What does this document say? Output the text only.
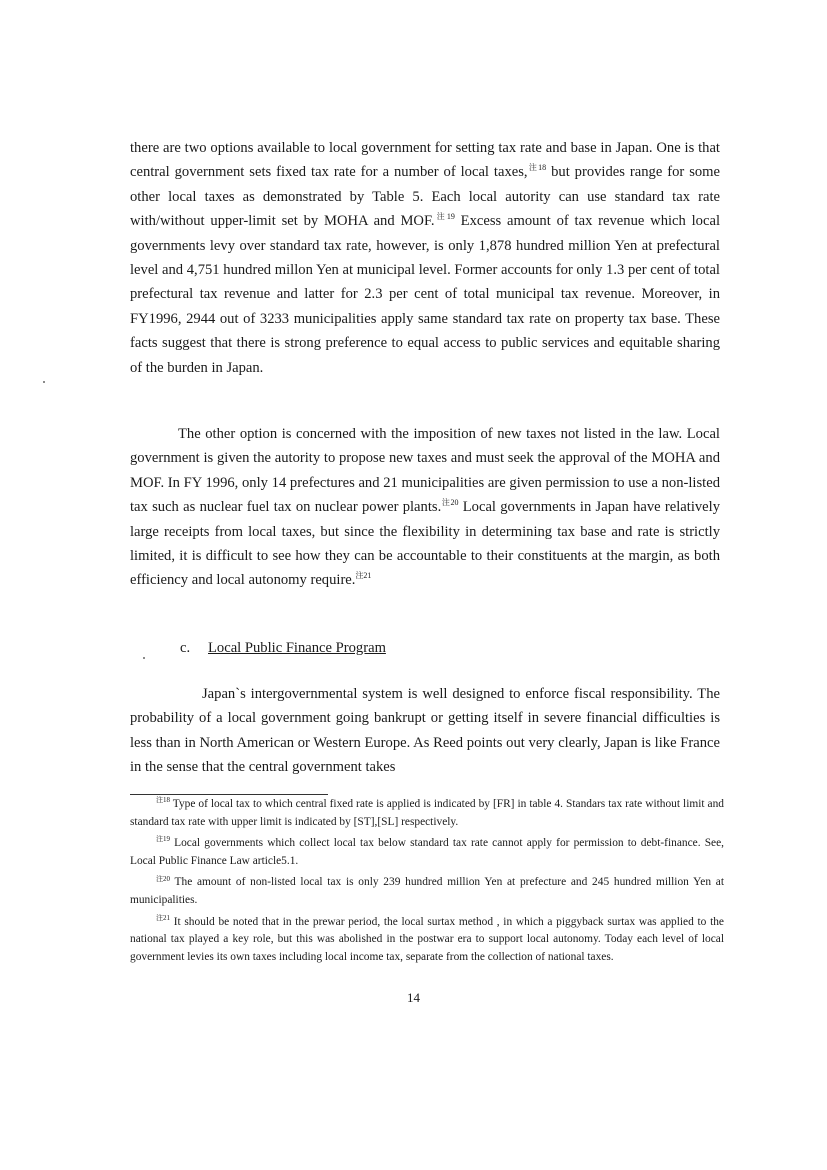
there are two options available to local government for setting tax rate and base in Japan. One is that central government sets fixed tax rate for a number of local taxes,$^{注18}$ but provides range for some other local taxes as demonstrated by Table 5. Each local autority can use standard tax rate with/without upper-limit set by MOHA and MOF.$^{注19}$ Excess amount of tax revenue which local governments levy over standard tax rate, however, is only 1,878 hundred million Yen at prefectural level and 4,751 hundred millon Yen at municipal level. Former accounts for only 1.3 per cent of total prefectural tax revenue and latter for 2.3 per cent of total municipal tax revenue. Moreover, in FY1996, 2944 out of 3233 municipalities apply same standard tax rate on property tax base. These facts suggest that there is strong preference to equal access to public services and equitable sharing of the burden in Japan.

The other option is concerned with the imposition of new taxes not listed in the law. Local government is given the autority to propose new taxes and must seek the approval of the MOHA and MOF. In FY 1996, only 14 prefectures and 21 municipalities are given permission to use a non-listed tax such as nuclear fuel tax on nuclear power plants.$^{注20}$ Local governments in Japan have relatively large receipts from local taxes, but since the flexibility in determining tax base and rate is strictly limited, it is difficult to see how they can be accountable to their constituents at the margin, as both efficiency and local autonomy require.$^{注21}$

c. Local Public Finance Program

Japan`s intergovernmental system is well designed to enforce fiscal responsibility. The probability of a local government going bankrupt or getting itself in severe financial difficulties is less than in North American or Western Europe. As Reed points out very clearly, Japan is like France in the sense that the central government takes

注18 Type of local tax to which central fixed rate is applied is indicated by [FR] in table 4. Standars tax rate without limit and standard tax rate with upper limit is indicated by [ST],[SL] respectively.

注19 Local governments which collect local tax below standard tax rate cannot apply for permission to debt-finance. See, Local Public Finance Law article5.1.

注20 The amount of non-listed local tax is only 239 hundred million Yen at prefecture and 245 hundred million Yen at municipalities.

注21 It should be noted that in the prewar period, the local surtax method , in which a piggyback surtax was applied to the national tax played a key role, but this was abolished in the postwar era to support local autonomy. Today each level of local government levies its own taxes including local income tax, separate from the collection of national taxes.

14
